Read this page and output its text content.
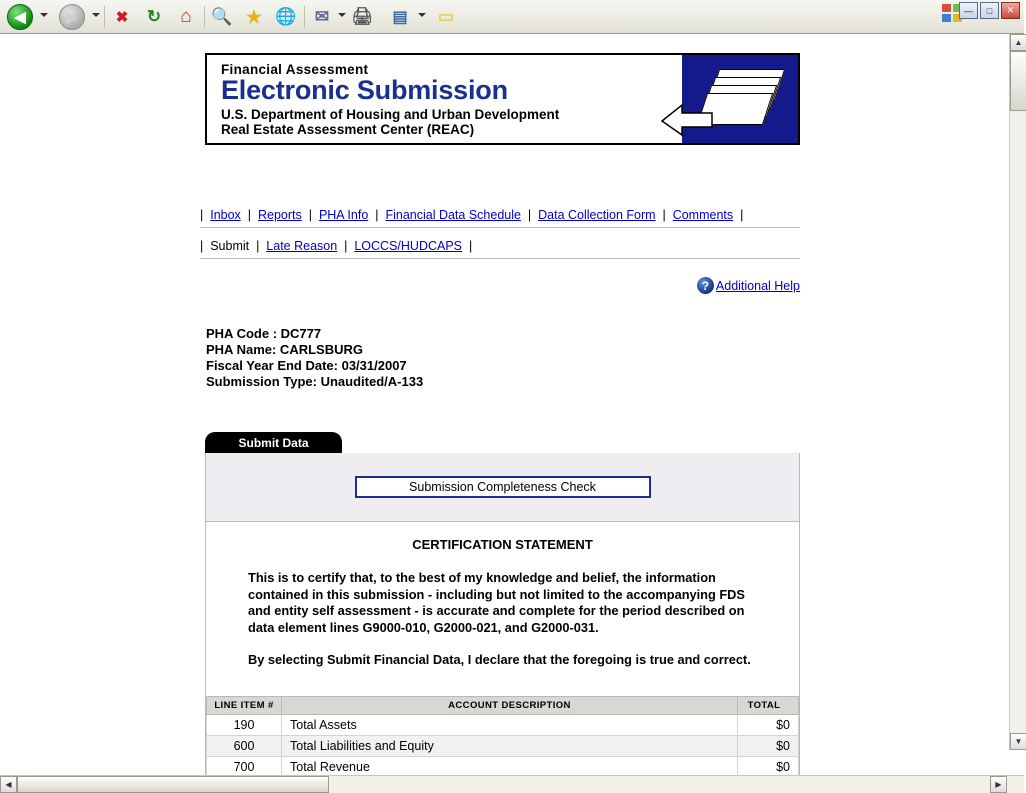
◀	▶	✖ ↻ ⌂ 🔍 ★ 🌐 ✉ 🖨 ▤ ▭	—	□	✕
Financial Assessment
Electronic Submission
U.S. Department of Housing and Urban Development
Real Estate Assessment Center (REAC)
|  Inbox  |  Reports  |  PHA Info  |  Financial Data Schedule  |  Data Collection Form  |  Comments  |
|  Submit  |  Late Reason  |  LOCCS/HUDCAPS  |
? Additional Help
PHA Code : DC777
PHA Name: CARLSBURG
Fiscal Year End Date: 03/31/2007
Submission Type: Unaudited/A-133
Submit Data
Submission Completeness Check
CERTIFICATION STATEMENT
This is to certify that, to the best of my knowledge and belief, the information contained in this submission - including but not limited to the accompanying FDS and entity self assessment - is accurate and complete for the period described on data element lines G9000-010, G2000-021, and G2000-031.
By selecting Submit Financial Data, I declare that the foregoing is true and correct.
LINE ITEM #	ACCOUNT DESCRIPTION	TOTAL
190	Total Assets	$0
600	Total Liabilities and Equity	$0
700	Total Revenue	$0
▲
▼
◀	▶
